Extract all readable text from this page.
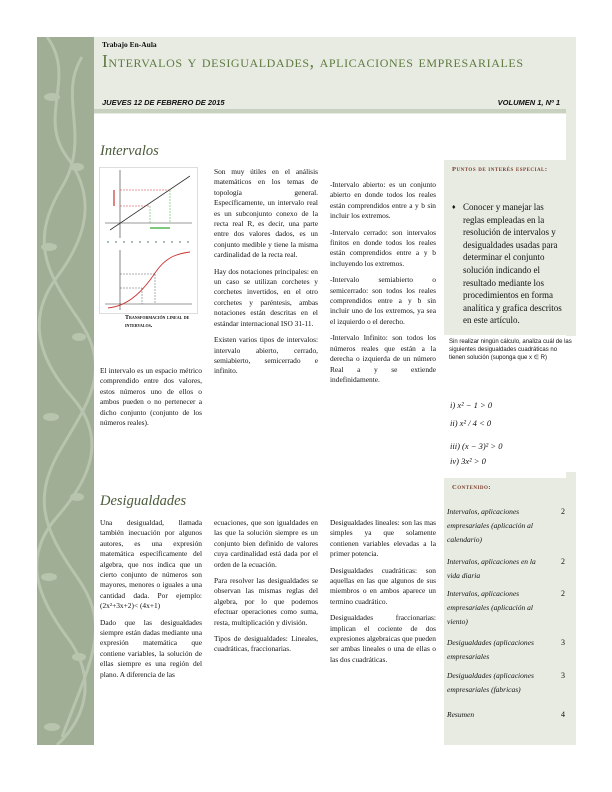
Trabajo En-Aula
Intervalos y desigualdades, aplicaciones empresariales
JUEVES 12 DE FEBRERO DE 2015	VOLUMEN 1, Nº 1
Intervalos
Transformación lineal de intervalos.

El intervalo es un espacio métrico comprendido entre dos valores, estos números uno de ellos o ambos pueden o no pertenecer a dicho conjunto (conjunto de los números reales).

Son muy útiles en el análisis matemáticos en los temas de topología general. Específicamente, un intervalo real es un subconjunto conexo de la recta real R, es decir, una parte entre dos valores dados, es un conjunto medible y tiene la misma cardinalidad de la recta real.

Hay dos notaciones principales: en un caso se utilizan corchetes y corchetes invertidos, en el otro corchetes y paréntesis, ambas notaciones están descritas en el estándar internacional ISO 31-11.

Existen varios tipos de intervalos: intervalo abierto, cerrado, semiabierto, semicerrado e infinito.

-Intervalo abierto: es un conjunto abierto en donde todos los reales están comprendidos entre a y b sin incluir los extremos.

-Intervalo cerrado: son intervalos finitos en donde todos los reales están comprendidos entre a y b incluyendo los extremos.

-Intervalo semiabierto o semicerrado: son todos los reales comprendidos entre a y b sin incluir uno de los extremos, ya sea el izquierdo o el derecho.

-Intervalo Infinito: son todos los números reales que están a la derecha o izquierda de un número Real a y se extiende indefinidamente.

Puntos de interés especial:
♦ Conocer y manejar las reglas empleadas en la resolución de intervalos y desigualdades usadas para determinar el conjunto solución indicando el resultado mediante los procedimientos en forma analítica y grafica descritos en este artículo.
Sin realizar ningún cálculo, analiza cuál de las siguientes desigualdades cuadráticas no tienen solución (suponga que x ∈ R)
i) x² − 1 > 0
ii) x² / 4 < 0
iii) (x − 3)² > 0
iv) 3x² > 0
Desigualdades

Una desigualdad, llamada también inecuación por algunos autores, es una expresión matemática específicamente del algebra, que nos indica que un cierto conjunto de números son mayores, menores o iguales a una cantidad dada. Por ejemplo: (2x²+3x+2)< (4x+1)

Dado que las desigualdades siempre están dadas mediante una expresión matemática que contiene variables, la solución de ellas siempre es una región del plano. A diferencia de las

ecuaciones, que son igualdades en las que la solución siempre es un conjunto bien definido de valores cuya cardinalidad está dada por el orden de la ecuación.

Para resolver las desigualdades se observan las mismas reglas del algebra, por lo que podemos efectuar operaciones como suma, resta, multiplicación y división.

Tipos de desigualdades: Lineales, cuadráticas, fraccionarias.

Desigualdades lineales: son las mas simples ya que solamente contienen variables elevadas a la primer potencia.

Desigualdades cuadráticas: son aquellas en las que algunos de sus miembros o en ambos aparece un termino cuadrático.

Desigualdades fraccionarias: implican el cociente de dos expresiones algebraicas que pueden ser ambas lineales o una de ellas o las dos cuadráticas.

Contenido:
Intervalos, aplicaciones empresariales (aplicación al calendario)
2
Intervalos, aplicaciones en la vida diaria
2
Intervalos, aplicaciones empresariales (aplicación al viento)
2
Desigualdades (aplicaciones empresariales
3
Desigualdades (aplicaciones empresariales (fabricas)
3
Resumen	4
